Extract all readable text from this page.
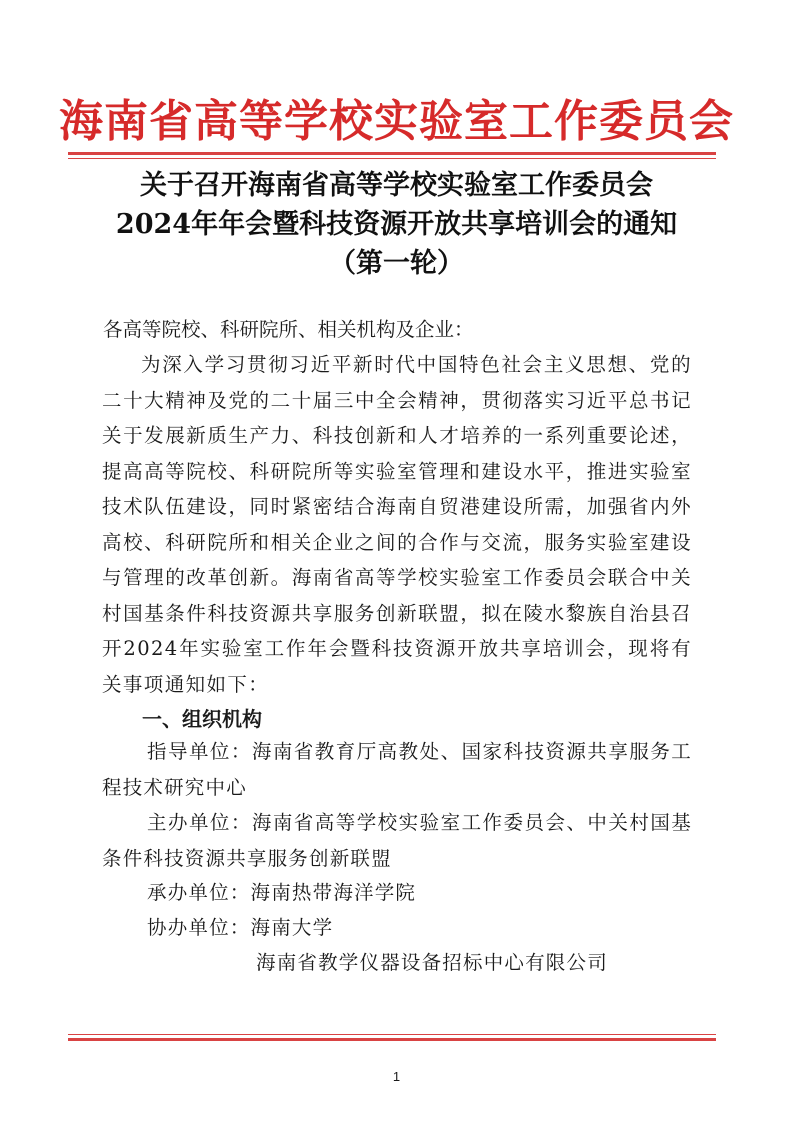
海南省高等学校实验室工作委员会
关于召开海南省高等学校实验室工作委员会
2024年年会暨科技资源开放共享培训会的通知
（第一轮）
各高等院校、科研院所、相关机构及企业：
为深入学习贯彻习近平新时代中国特色社会主义思想、党的二十大精神及党的二十届三中全会精神，贯彻落实习近平总书记关于发展新质生产力、科技创新和人才培养的一系列重要论述，提高高等院校、科研院所等实验室管理和建设水平，推进实验室技术队伍建设，同时紧密结合海南自贸港建设所需，加强省内外高校、科研院所和相关企业之间的合作与交流，服务实验室建设与管理的改革创新。海南省高等学校实验室工作委员会联合中关村国基条件科技资源共享服务创新联盟，拟在陵水黎族自治县召开2024年实验室工作年会暨科技资源开放共享培训会，现将有关事项通知如下：
一、组织机构
指导单位：海南省教育厅高教处、国家科技资源共享服务工程技术研究中心
主办单位：海南省高等学校实验室工作委员会、中关村国基条件科技资源共享服务创新联盟
承办单位：海南热带海洋学院
协办单位：海南大学
海南省教学仪器设备招标中心有限公司
1
